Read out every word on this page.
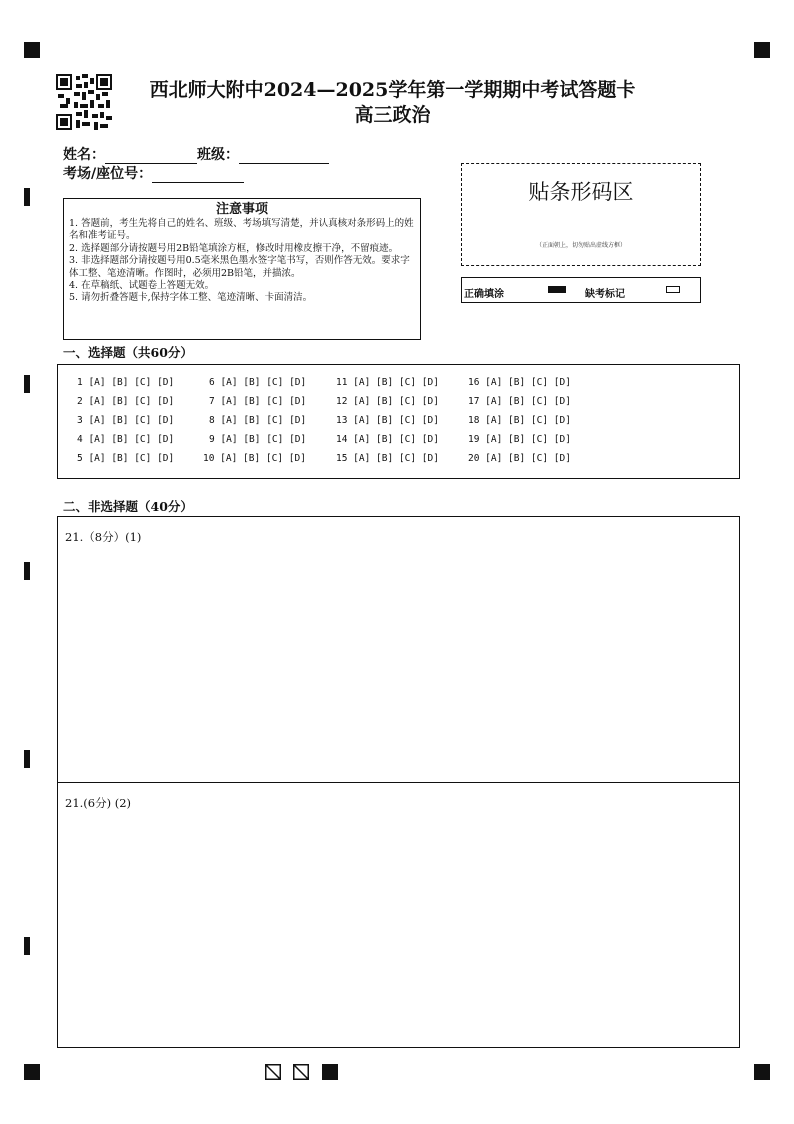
西北师大附中2024—2025学年第一学期期中考试答题卡
高三政治
姓名：	班级：
考场/座位号：
注意事项

1. 答题前，考生先将自己的姓名、班级、考场填写清楚，并认真核对条形码上的姓名和准考证号。

2. 选择题部分请按题号用2B铅笔填涂方框，修改时用橡皮擦干净，不留痕迹。

3. 非选择题部分请按题号用0.5毫米黑色墨水签字笔书写，否则作答无效。要求字体工整、笔迹清晰。作图时，必须用2B铅笔，并描浓。

4. 在草稿纸、试题卷上答题无效。

5. 请勿折叠答题卡,保持字体工整、笔迹清晰、卡面清洁。

贴条形码区
（正面朝上，切勿贴出虚线方框）
正确填涂	缺考标记
一、选择题（共60分）
1 [A] [B] [C] [D]
2 [A] [B] [C] [D]
3 [A] [B] [C] [D]
4 [A] [B] [C] [D]
5 [A] [B] [C] [D]
6 [A] [B] [C] [D]
7 [A] [B] [C] [D]
8 [A] [B] [C] [D]
9 [A] [B] [C] [D]
10 [A] [B] [C] [D]
11 [A] [B] [C] [D]
12 [A] [B] [C] [D]
13 [A] [B] [C] [D]
14 [A] [B] [C] [D]
15 [A] [B] [C] [D]
16 [A] [B] [C] [D]
17 [A] [B] [C] [D]
18 [A] [B] [C] [D]
19 [A] [B] [C] [D]
20 [A] [B] [C] [D]
二、非选择题（40分）
21.（8分）(1)
21.(6分) (2)
